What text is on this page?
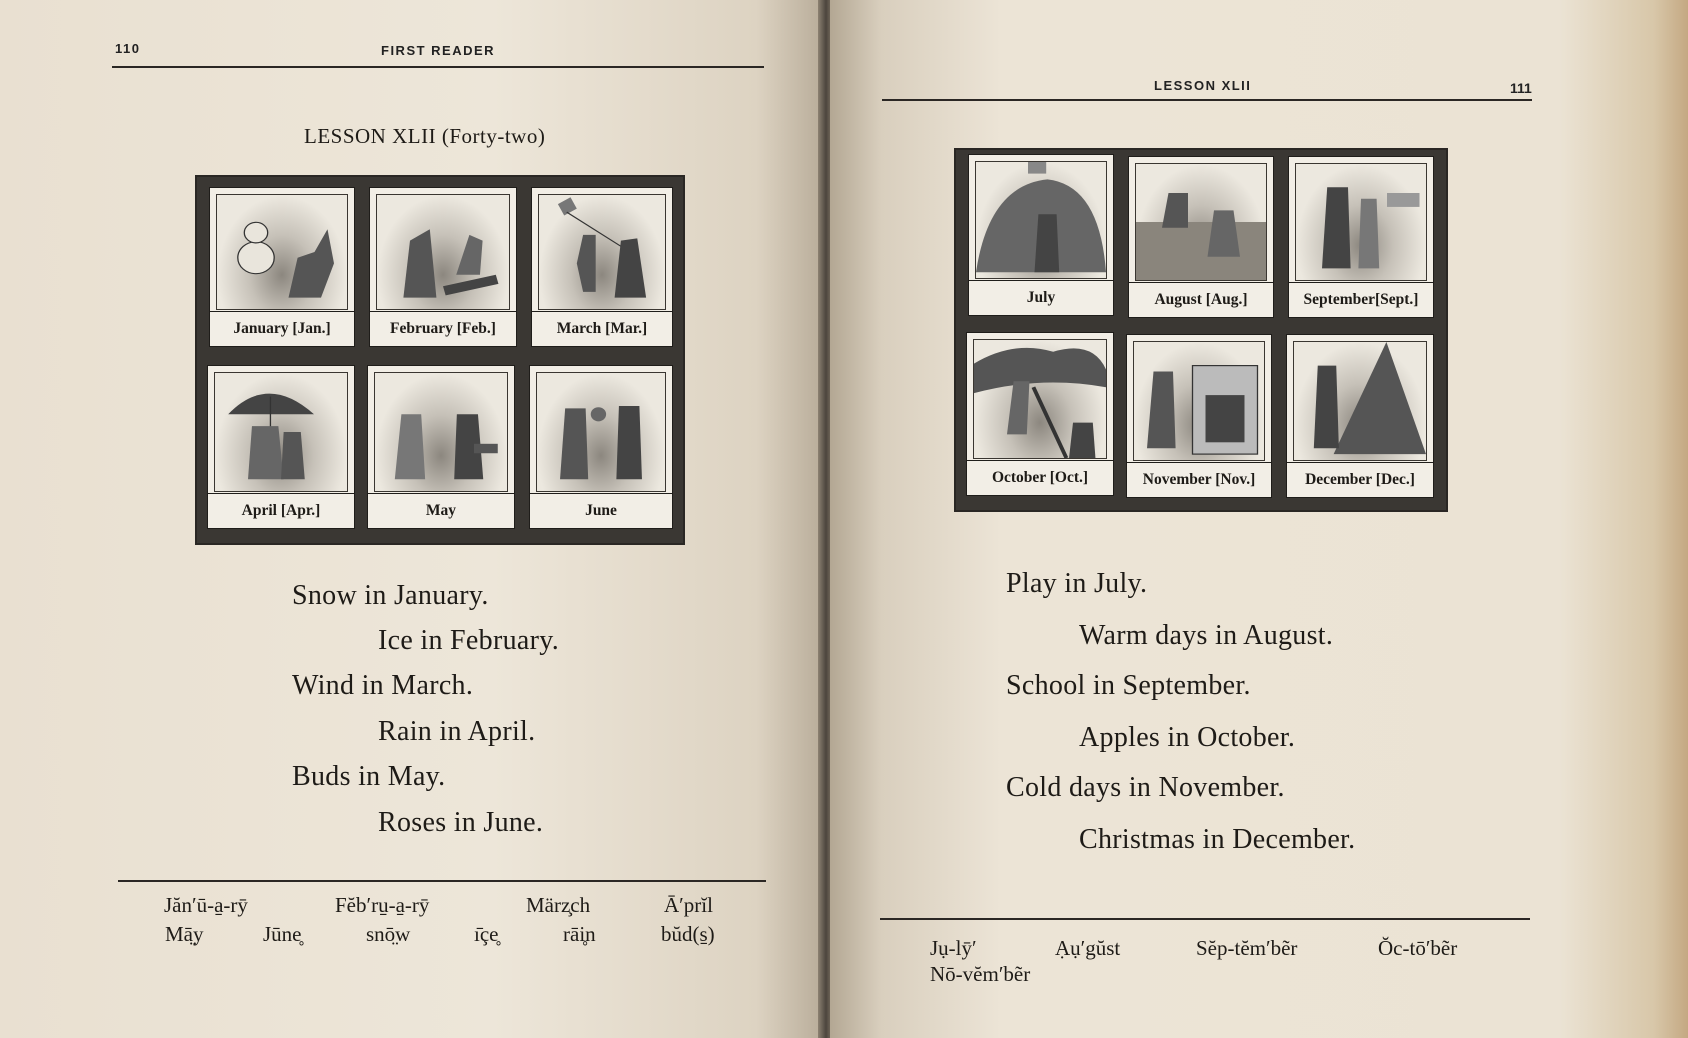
110	FIRST READER
LESSON XLII (Forty-two)
January [Jan.]	February [Feb.]	March [Mar.]
April [Apr.]	May	June
Snow in January.
Ice in February.
Wind in March.
Rain in April.
Buds in May.
Roses in June.
Jăn′ū-a̱-rȳ	Fĕb′ru̱-a̱-rȳ	März̧ch	Ā′prĭl
Mā̤y	Jūne̥	snō̤w	ı̄çe̥	rāi̥n	bŭd(s̱)
LESSON XLII	111
July	August [Aug.]	September[Sept.]
October [Oct.]	November [Nov.]	December [Dec.]
Play in July.
Warm days in August.
School in September.
Apples in October.
Cold days in November.
Christmas in December.
Jụ-lȳ′	Ạụ′gŭst	Sĕp-tĕm′bẽr	Ŏc-tō′bẽr
Nō-vĕm′bẽr
